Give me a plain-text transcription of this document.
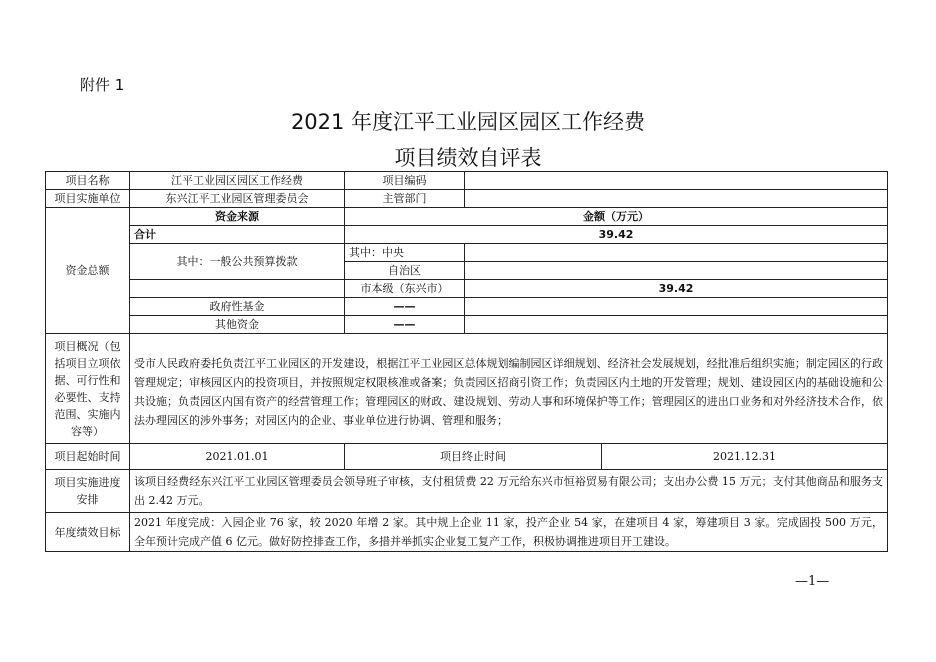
附件 1
2021 年度江平工业园区园区工作经费
项目绩效自评表
项目名称	江平工业园区园区工作经费	项目编码		
项目实施单位	东兴江平工业园区管理委员会	主管部门		
资金总额	资金来源	金额（万元）		
	合计	39.42		
	其中：一般公共预算拨款	其中：中央		
		自治区		
		市本级（东兴市）	39.42	
	政府性基金	——		
	其他资金	——		
项目概况（包括项目立项依据、可行性和必要性、支持范围、实施内容等）	受市人民政府委托负责江平工业园区的开发建设，根据江平工业园区总体规划编制园区详细规划、经济社会发展规划，经批准后组织实施；制定园区的行政管理规定；审核园区内的投资项目，并按照规定权限核准或备案；负责园区招商引资工作；负责园区内土地的开发管理；规划、建设园区内的基础设施和公共设施；负责园区内国有资产的经营管理工作；管理园区的财政、建设规划、劳动人事和环境保护等工作；管理园区的进出口业务和对外经济技术合作，依法办理园区的涉外事务；对园区内的企业、事业单位进行协调、管理和服务；			
项目起始时间	2021.01.01	项目终止时间		2021.12.31
项目实施进度安排	该项目经费经东兴江平工业园区管理委员会领导班子审核，支付租赁费 22 万元给东兴市恒裕贸易有限公司；支出办公费 15 万元；支付其他商品和服务支出 2.42 万元。			
年度绩效目标	2021 年度完成：入园企业 76 家，较 2020 年增 2 家。其中规上企业 11 家，投产企业 54 家，在建项目 4 家，筹建项目 3 家。完成固投 500 万元，全年预计完成产值 6 亿元。做好防控排查工作，多措并举抓实企业复工复产工作，积极协调推进项目开工建设。			
—1—
